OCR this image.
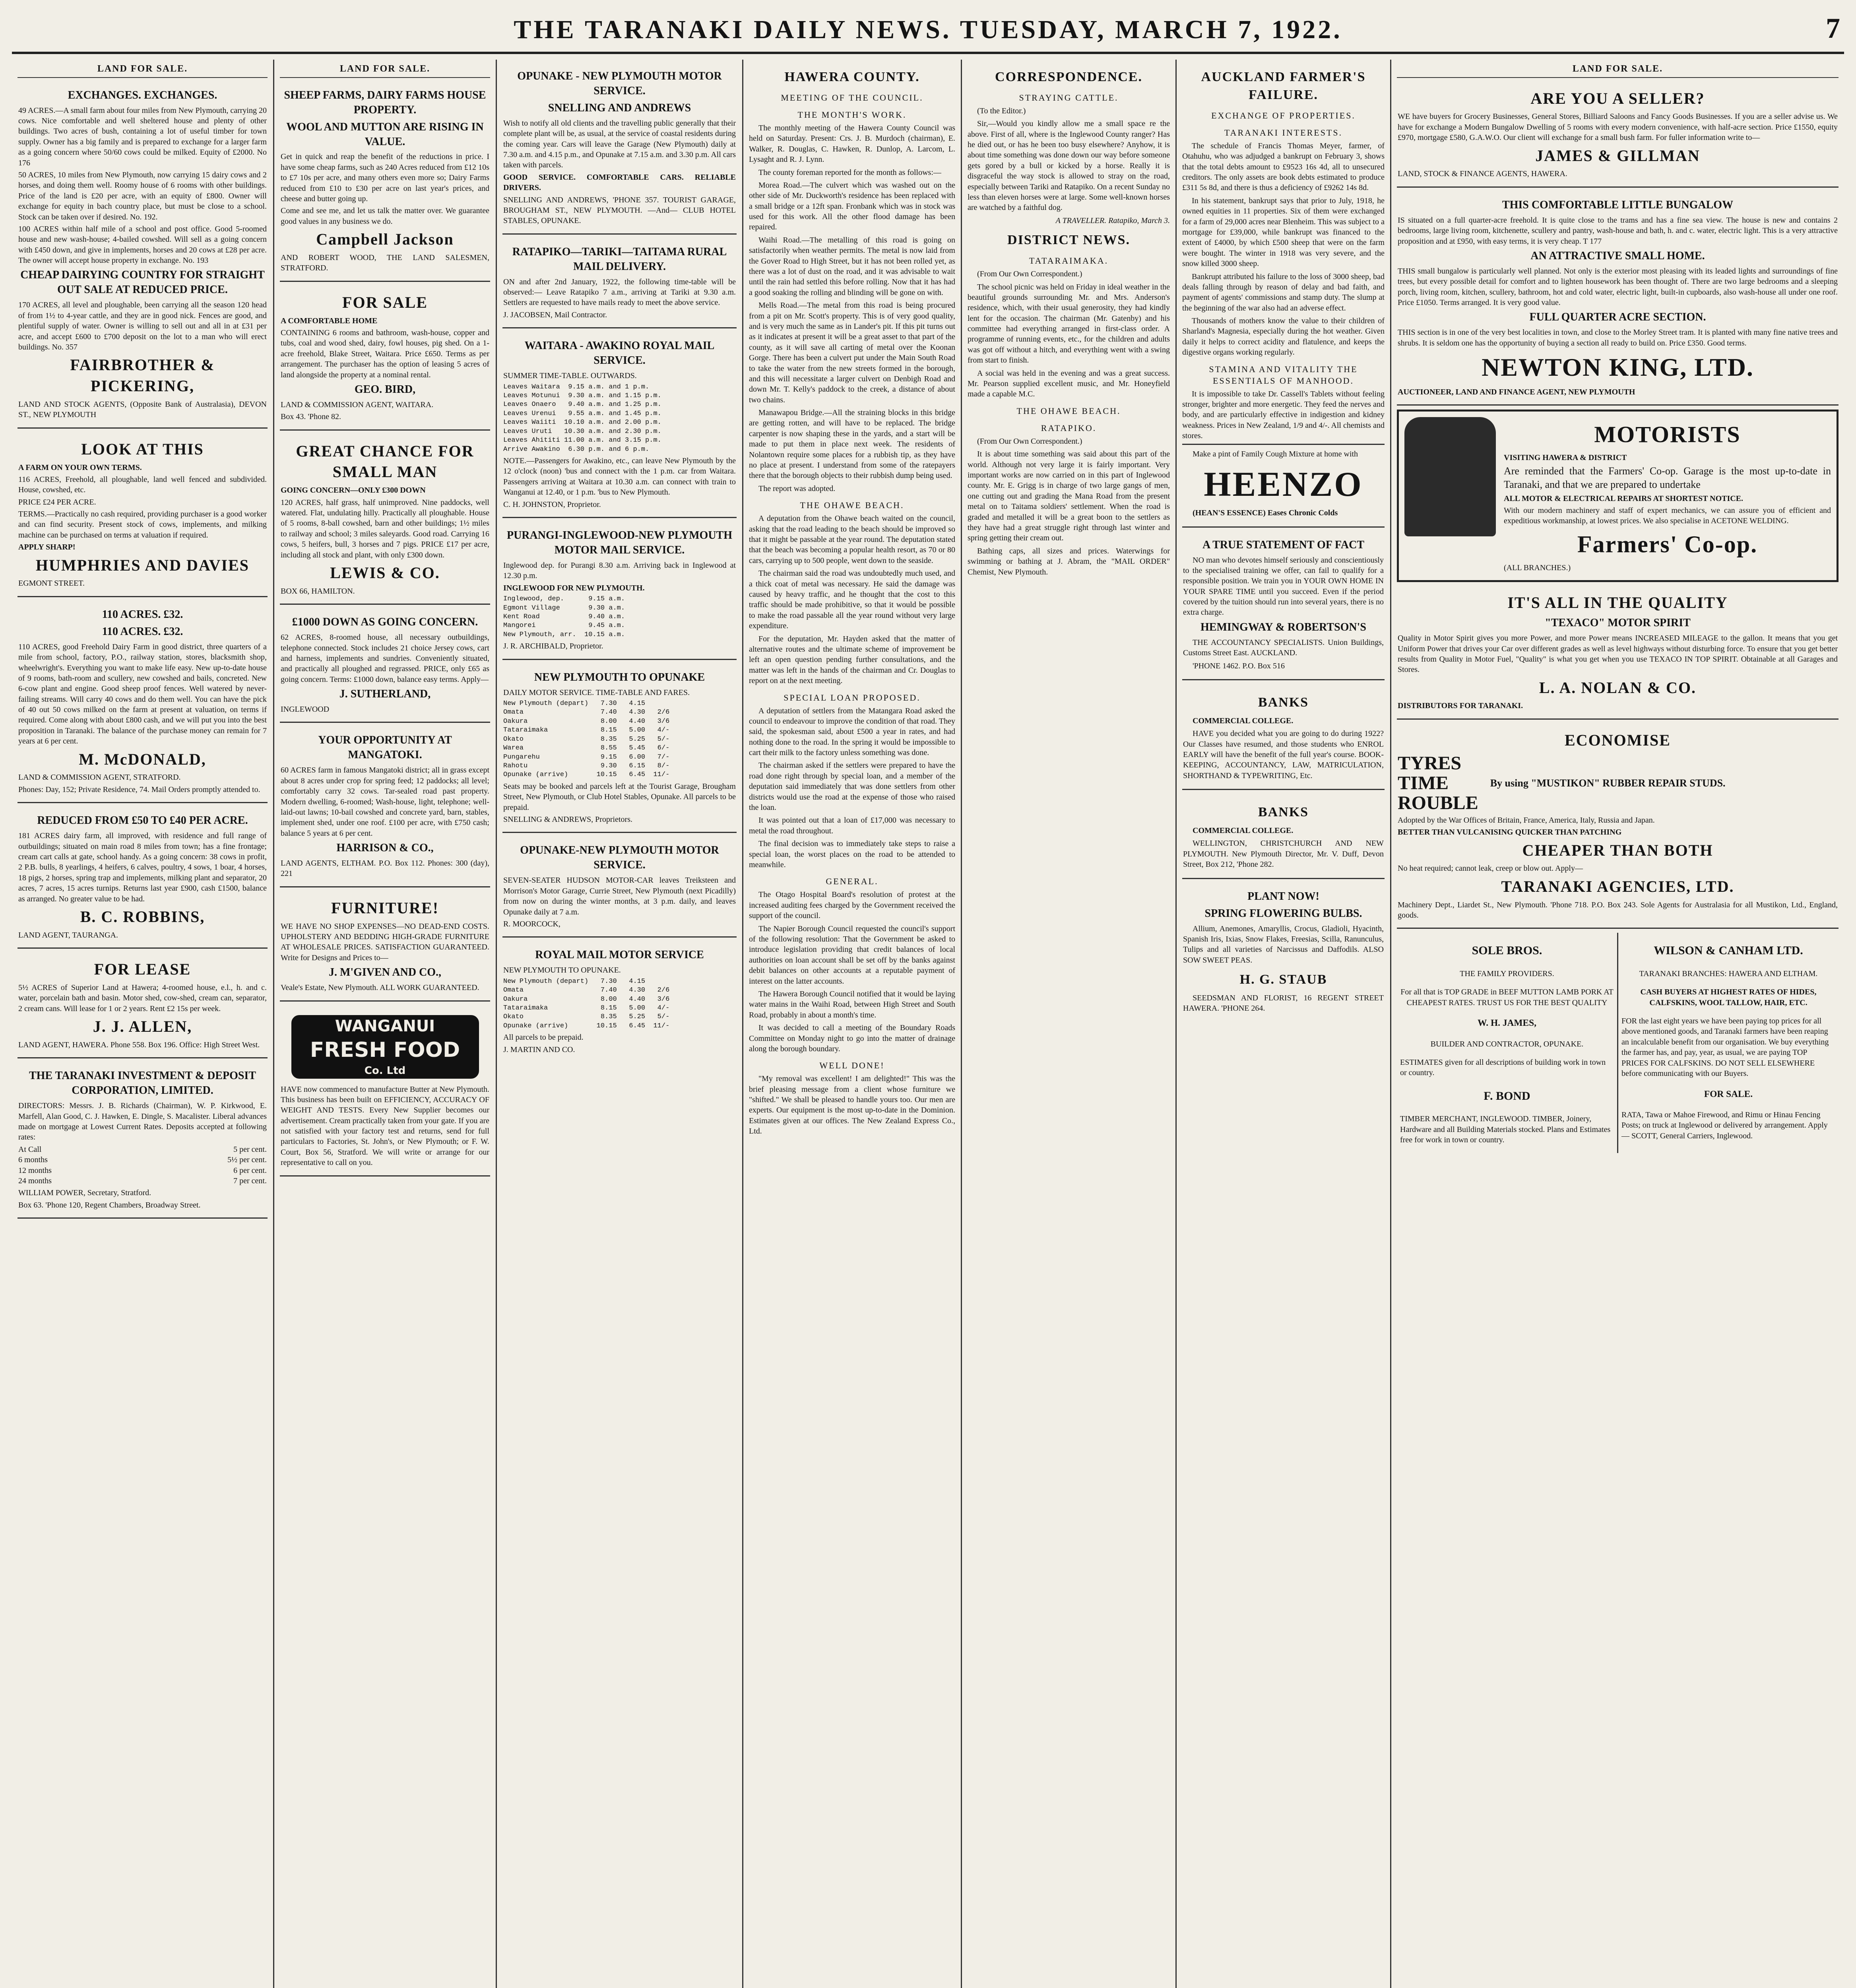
THE TARANAKI DAILY NEWS. TUESDAY, MARCH 7, 1922.	7
LAND FOR SALE.
EXCHANGES. EXCHANGES.

49 ACRES.—A small farm about four miles from New Plymouth, carrying 20 cows. Nice comfortable and well sheltered house and plenty of other buildings. Two acres of bush, containing a lot of useful timber for town supply. Owner has a big family and is prepared to exchange for a larger farm as a going concern where 50/60 cows could be milked. Equity of £2000. No 176

50 ACRES, 10 miles from New Plymouth, now carrying 15 dairy cows and 2 horses, and doing them well. Roomy house of 6 rooms with other buildings. Price of the land is £20 per acre, with an equity of £800. Owner will exchange for equity in bach country place, but must be close to a school. Stock can be taken over if desired. No. 192.

100 ACRES within half mile of a school and post office. Good 5-roomed house and new wash-house; 4-bailed cowshed. Will sell as a going concern with £450 down, and give in implements, horses and 20 cows at £28 per acre. The owner will accept house property in exchange. No. 193

CHEAP DAIRYING COUNTRY FOR STRAIGHT OUT SALE AT REDUCED PRICE.

170 ACRES, all level and ploughable, been carrying all the season 120 head of from 1½ to 4-year cattle, and they are in good nick. Fences are good, and plentiful supply of water. Owner is willing to sell out and all in at £31 per acre, and accept £600 to £700 deposit on the lot to a man who will erect buildings. No. 357

FAIRBROTHER & PICKERING,

LAND AND STOCK AGENTS, (Opposite Bank of Australasia), DEVON ST., NEW PLYMOUTH

LOOK AT THIS

A FARM ON YOUR OWN TERMS.

116 ACRES, Freehold, all ploughable, land well fenced and subdivided. House, cowshed, etc.

PRICE £24 PER ACRE.

TERMS.—Practically no cash required, providing purchaser is a good worker and can find security. Present stock of cows, implements, and milking machine can be purchased on terms at valuation if required.

APPLY SHARP!

HUMPHRIES AND DAVIES

EGMONT STREET.

110 ACRES. £32.
110 ACRES. £32.

110 ACRES, good Freehold Dairy Farm in good district, three quarters of a mile from school, factory, P.O., railway station, stores, blacksmith shop, wheelwright's. Everything you want to make life easy. New up-to-date house of 9 rooms, bath-room and scullery, new cowshed and bails, concreted. New 6-cow plant and engine. Good sheep proof fences. Well watered by never-failing streams. Will carry 40 cows and do them well. You can have the pick of 40 out 50 cows milked on the farm at present at valuation, on terms if required. Come along with about £800 cash, and we will put you into the best proposition in Taranaki. The balance of the purchase money can remain for 7 years at 6 per cent.

M. McDONALD,

LAND & COMMISSION AGENT, STRATFORD.

Phones: Day, 152; Private Residence, 74. Mail Orders promptly attended to.

REDUCED FROM £50 TO £40 PER ACRE.

181 ACRES dairy farm, all improved, with residence and full range of outbuildings; situated on main road 8 miles from town; has a fine frontage; cream cart calls at gate, school handy. As a going concern: 38 cows in profit, 2 P.B. bulls, 8 yearlings, 4 heifers, 6 calves, poultry, 4 sows, 1 boar, 4 horses, 18 pigs, 2 horses, spring trap and implements, milking plant and separator, 20 acres, 7 acres, 15 acres turnips. Returns last year £900, cash £1500, balance as arranged. No greater value to be had.

B. C. ROBBINS,

LAND AGENT, TAURANGA.

FOR LEASE

5½ ACRES of Superior Land at Hawera; 4-roomed house, e.l., h. and c. water, porcelain bath and basin. Motor shed, cow-shed, cream can, separator, 2 cream cans. Will lease for 1 or 2 years. Rent £2 15s per week.

J. J. ALLEN,

LAND AGENT, HAWERA. Phone 558. Box 196. Office: High Street West.

THE TARANAKI INVESTMENT & DEPOSIT CORPORATION, LIMITED.

DIRECTORS: Messrs. J. B. Richards (Chairman), W. P. Kirkwood, E. Marfell, Alan Good, C. J. Hawken, E. Dingle, S. Macalister. Liberal advances made on mortgage at Lowest Current Rates. Deposits accepted at following rates:

At Call	5 per cent.
6 months	5½ per cent.
12 months	6 per cent.
24 months	7 per cent.

WILLIAM POWER, Secretary, Stratford.

Box 63. 'Phone 120, Regent Chambers, Broadway Street.

LAND FOR SALE.
SHEEP FARMS, DAIRY FARMS HOUSE PROPERTY.
WOOL AND MUTTON ARE RISING IN VALUE.

Get in quick and reap the benefit of the reductions in price. I have some cheap farms, such as 240 Acres reduced from £12 10s to £7 10s per acre, and many others even more so; Dairy Farms reduced from £10 to £30 per acre on last year's prices, and cheese and butter going up.

Come and see me, and let us talk the matter over. We guarantee good values in any business we do.

Campbell Jackson

AND ROBERT WOOD, THE LAND SALESMEN, STRATFORD.

FOR SALE

A COMFORTABLE HOME

CONTAINING 6 rooms and bathroom, wash-house, copper and tubs, coal and wood shed, dairy, fowl houses, pig shed. On a 1-acre freehold, Blake Street, Waitara. Price £650. Terms as per arrangement. The purchaser has the option of leasing 5 acres of land alongside the property at a nominal rental.

GEO. BIRD,

LAND & COMMISSION AGENT, WAITARA.

Box 43. 'Phone 82.

GREAT CHANCE FOR SMALL MAN

GOING CONCERN—ONLY £300 DOWN

120 ACRES, half grass, half unimproved. Nine paddocks, well watered. Flat, undulating hilly. Practically all ploughable. House of 5 rooms, 8-ball cowshed, barn and other buildings; 1½ miles to railway and school; 3 miles saleyards. Good road. Carrying 16 cows, 5 heifers, bull, 3 horses and 7 pigs. PRICE £17 per acre, including all stock and plant, with only £300 down.

LEWIS & CO.

BOX 66, HAMILTON.

£1000 DOWN AS GOING CONCERN.

62 ACRES, 8-roomed house, all necessary outbuildings, telephone connected. Stock includes 21 choice Jersey cows, cart and harness, implements and sundries. Conveniently situated, and practically all ploughed and regrassed. PRICE, only £65 as going concern. Terms: £1000 down, balance easy terms. Apply—

J. SUTHERLAND,

INGLEWOOD

YOUR OPPORTUNITY AT MANGATOKI.

60 ACRES farm in famous Mangatoki district; all in grass except about 8 acres under crop for spring feed; 12 paddocks; all level; comfortably carry 32 cows. Tar-sealed road past property. Modern dwelling, 6-roomed; Wash-house, light, telephone; well-laid-out lawns; 10-bail cowshed and concrete yard, barn, stables, implement shed, under one roof. £100 per acre, with £750 cash; balance 5 years at 6 per cent.

HARRISON & CO.,

LAND AGENTS, ELTHAM. P.O. Box 112. Phones: 300 (day), 221

FURNITURE!

WE HAVE NO SHOP EXPENSES—NO DEAD-END COSTS. UPHOLSTERY AND BEDDING HIGH-GRADE FURNITURE AT WHOLESALE PRICES. SATISFACTION GUARANTEED. Write for Designs and Prices to—

J. M'GIVEN AND CO.,

Veale's Estate, New Plymouth. ALL WORK GUARANTEED.

WANGANUI
FRESH FOOD
Co. Ltd

HAVE now commenced to manufacture Butter at New Plymouth. This business has been built on EFFICIENCY, ACCURACY OF WEIGHT AND TESTS. Every New Supplier becomes our advertisement. Cream practically taken from your gate. If you are not satisfied with your factory test and returns, send for full particulars to Factories, St. John's, or New Plymouth; or F. W. Court, Box 56, Stratford. We will write or arrange for our representative to call on you.

OPUNAKE - NEW PLYMOUTH MOTOR SERVICE.
SNELLING AND ANDREWS

Wish to notify all old clients and the travelling public generally that their complete plant will be, as usual, at the service of coastal residents during the coming year. Cars will leave the Garage (New Plymouth) daily at 7.30 a.m. and 4.15 p.m., and Opunake at 7.15 a.m. and 3.30 p.m. All cars taken with parcels.

GOOD SERVICE. COMFORTABLE CARS. RELIABLE DRIVERS.

SNELLING AND ANDREWS, 'PHONE 357. TOURIST GARAGE, BROUGHAM ST., NEW PLYMOUTH. —And— CLUB HOTEL STABLES, OPUNAKE.

RATAPIKO—TARIKI—TAITAMA RURAL MAIL DELIVERY.

ON and after 2nd January, 1922, the following time-table will be observed:— Leave Ratapiko 7 a.m., arriving at Tariki at 9.30 a.m. Settlers are requested to have mails ready to meet the above service.

J. JACOBSEN, Mail Contractor.

WAITARA - AWAKINO ROYAL MAIL SERVICE.

SUMMER TIME-TABLE. OUTWARDS.

Leaves Waitara  9.15 a.m. and 1 p.m.
Leaves Motunui  9.30 a.m. and 1.15 p.m.
Leaves Onaero   9.40 a.m. and 1.25 p.m.
Leaves Urenui   9.55 a.m. and 1.45 p.m.
Leaves Waiiti  10.10 a.m. and 2.00 p.m.
Leaves Uruti   10.30 a.m. and 2.30 p.m.
Leaves Ahititi 11.00 a.m. and 3.15 p.m.
Arrive Awakino  6.30 p.m. and 6 p.m.

NOTE.—Passengers for Awakino, etc., can leave New Plymouth by the 12 o'clock (noon) 'bus and connect with the 1 p.m. car from Waitara. Passengers arriving at Waitara at 10.30 a.m. can connect with train to Wanganui at 12.40, or 1 p.m. 'bus to New Plymouth.

C. H. JOHNSTON, Proprietor.

PURANGI-INGLEWOOD-NEW PLYMOUTH MOTOR MAIL SERVICE.

Inglewood dep. for Purangi 8.30 a.m. Arriving back in Inglewood at 12.30 p.m.

INGLEWOOD FOR NEW PLYMOUTH.

Inglewood, dep.      9.15 a.m.
Egmont Village       9.30 a.m.
Kent Road            9.40 a.m.
Mangorei             9.45 a.m.
New Plymouth, arr.  10.15 a.m.

J. R. ARCHIBALD, Proprietor.

NEW PLYMOUTH TO OPUNAKE

DAILY MOTOR SERVICE. TIME-TABLE AND FARES.

New Plymouth (depart)   7.30   4.15
Omata                   7.40   4.30   2/6
Oakura                  8.00   4.40   3/6
Tataraimaka             8.15   5.00   4/-
Okato                   8.35   5.25   5/-
Warea                   8.55   5.45   6/-
Pungarehu               9.15   6.00   7/-
Rahotu                  9.30   6.15   8/-
Opunake (arrive)       10.15   6.45  11/-

Seats may be booked and parcels left at the Tourist Garage, Brougham Street, New Plymouth, or Club Hotel Stables, Opunake. All parcels to be prepaid.

SNELLING & ANDREWS, Proprietors.

OPUNAKE-NEW PLYMOUTH MOTOR SERVICE.

SEVEN-SEATER HUDSON MOTOR-CAR leaves Treiksteen and Morrison's Motor Garage, Currie Street, New Plymouth (next Picadilly) from now on during the winter months, at 3 p.m. daily, and leaves Opunake daily at 7 a.m.

R. MOORCOCK,

ROYAL MAIL MOTOR SERVICE

NEW PLYMOUTH TO OPUNAKE.

New Plymouth (depart)   7.30   4.15
Omata                   7.40   4.30   2/6
Oakura                  8.00   4.40   3/6
Tataraimaka             8.15   5.00   4/-
Okato                   8.35   5.25   5/-
Opunake (arrive)       10.15   6.45  11/-

All parcels to be prepaid.

J. MARTIN AND CO.

HAWERA COUNTY.
MEETING OF THE COUNCIL.
THE MONTH'S WORK.

The monthly meeting of the Hawera County Council was held on Saturday. Present: Crs. J. B. Murdoch (chairman), E. Walker, R. Douglas, C. Hawken, R. Dunlop, A. Larcom, L. Lysaght and R. J. Lynn.

The county foreman reported for the month as follows:—

Morea Road.—The culvert which was washed out on the other side of Mr. Duckworth's residence has been replaced with a small bridge or a 12ft span. Fronbank which was in stock was used for this work. All the other flood damage has been repaired.

Waihi Road.—The metalling of this road is going on satisfactorily when weather permits. The metal is now laid from the Gover Road to High Street, but it has not been rolled yet, as there was a lot of dust on the road, and it was advisable to wait until the rain had settled this before rolling. Now that it has had a good soaking the rolling and blinding will be gone on with.

Mells Road.—The metal from this road is being procured from a pit on Mr. Scott's property. This is of very good quality, and is very much the same as in Lander's pit. If this pit turns out as it indicates at present it will be a great asset to that part of the county, as it will save all carting of metal over the Koonan Gorge. There has been a culvert put under the Main South Road to take the water from the new streets formed in the borough, and this will necessitate a larger culvert on Denbigh Road and down Mr. T. Kelly's paddock to the creek, a distance of about two chains.

Manawapou Bridge.—All the straining blocks in this bridge are getting rotten, and will have to be replaced. The bridge carpenter is now shaping these in the yards, and a start will be made to put them in place next week. The residents of Nolantown require some places for a rubbish tip, as they have no place at present. I understand from some of the ratepayers there that the borough objects to their rubbish dump being used.

The report was adopted.

THE OHAWE BEACH.

A deputation from the Ohawe beach waited on the council, asking that the road leading to the beach should be improved so that it might be passable at the year round. The deputation stated that the beach was becoming a popular health resort, as 70 or 80 cars, carrying up to 500 people, went down to the seaside.

The chairman said the road was undoubtedly much used, and a thick coat of metal was necessary. He said the damage was caused by heavy traffic, and he thought that the cost to this traffic should be made prohibitive, so that it would be possible to make the road passable all the year round without very large expenditure.

For the deputation, Mr. Hayden asked that the matter of alternative routes and the ultimate scheme of improvement be left an open question pending further consultations, and the matter was left in the hands of the chairman and Cr. Douglas to report on at the next meeting.

SPECIAL LOAN PROPOSED.

A deputation of settlers from the Matangara Road asked the council to endeavour to improve the condition of that road. They said, the spokesman said, about £500 a year in rates, and had nothing done to the road. In the spring it would be impossible to cart their milk to the factory unless something was done.

The chairman asked if the settlers were prepared to have the road done right through by special loan, and a member of the deputation said immediately that was done settlers from other districts would use the road at the expense of those who raised the loan.

It was pointed out that a loan of £17,000 was necessary to metal the road throughout.

The final decision was to immediately take steps to raise a special loan, the worst places on the road to be attended to meanwhile.

GENERAL.

The Otago Hospital Board's resolution of protest at the increased auditing fees charged by the Government received the support of the council.

The Napier Borough Council requested the council's support of the following resolution: That the Government be asked to introduce legislation providing that credit balances of local authorities on loan account shall be set off by the banks against debit balances on other accounts at a reputable payment of interest on the latter accounts.

The Hawera Borough Council notified that it would be laying water mains in the Waihi Road, between High Street and South Road, probably in about a month's time.

It was decided to call a meeting of the Boundary Roads Committee on Monday night to go into the matter of drainage along the borough boundary.

WELL DONE!

"My removal was excellent! I am delighted!" This was the brief pleasing message from a client whose furniture we "shifted." We shall be pleased to handle yours too. Our men are experts. Our equipment is the most up-to-date in the Dominion. Estimates given at our offices. The New Zealand Express Co., Ltd.

CORRESPONDENCE.
STRAYING CATTLE.

(To the Editor.)

Sir,—Would you kindly allow me a small space re the above. First of all, where is the Inglewood County ranger? Has he died out, or has he been too busy elsewhere? Anyhow, it is about time something was done down our way before someone gets gored by a bull or kicked by a horse. Really it is disgraceful the way stock is allowed to stray on the road, especially between Tariki and Ratapiko. On a recent Sunday no less than eleven horses were at large. Some well-known horses are watched by a faithful dog.

A TRAVELLER. Ratapiko, March 3.

DISTRICT NEWS.
TATARAIMAKA.

(From Our Own Correspondent.)

The school picnic was held on Friday in ideal weather in the beautiful grounds surrounding Mr. and Mrs. Anderson's residence, which, with their usual generosity, they had kindly lent for the occasion. The chairman (Mr. Gatenby) and his committee had everything arranged in first-class order. A programme of running events, etc., for the children and adults was got off without a hitch, and everything went with a swing from start to finish.

A social was held in the evening and was a great success. Mr. Pearson supplied excellent music, and Mr. Honeyfield made a capable M.C.

THE OHAWE BEACH.
RATAPIKO.

(From Our Own Correspondent.)

It is about time something was said about this part of the world. Although not very large it is fairly important. Very important works are now carried on in this part of Inglewood county. Mr. E. Grigg is in charge of two large gangs of men, one cutting out and grading the Mana Road from the present metal on to Taitama soldiers' settlement. When the road is graded and metalled it will be a great boon to the settlers as they have had a great struggle right through last winter and spring getting their cream out.

Bathing caps, all sizes and prices. Waterwings for swimming or bathing at J. Abram, the "MAIL ORDER" Chemist, New Plymouth.

AUCKLAND FARMER'S FAILURE.
EXCHANGE OF PROPERTIES.
TARANAKI INTERESTS.

The schedule of Francis Thomas Meyer, farmer, of Otahuhu, who was adjudged a bankrupt on February 3, shows that the total debts amount to £9523 16s 4d, all to unsecured creditors. The only assets are book debts estimated to produce £311 5s 8d, and there is thus a deficiency of £9262 14s 8d.

In his statement, bankrupt says that prior to July, 1918, he owned equities in 11 properties. Six of them were exchanged for a farm of 29,000 acres near Blenheim. This was subject to a mortgage for £39,000, while bankrupt was financed to the extent of £4000, by which £500 sheep that were on the farm were bought. The winter in 1918 was very severe, and the snow killed 3000 sheep.

Bankrupt attributed his failure to the loss of 3000 sheep, bad deals falling through by reason of delay and bad faith, and payment of agents' commissions and stamp duty. The slump at the beginning of the war also had an adverse effect.

Thousands of mothers know the value to their children of Sharland's Magnesia, especially during the hot weather. Given daily it helps to correct acidity and flatulence, and keeps the digestive organs working regularly.

STAMINA AND VITALITY THE ESSENTIALS OF MANHOOD.

It is impossible to take Dr. Cassell's Tablets without feeling stronger, brighter and more energetic. They feed the nerves and body, and are particularly effective in indigestion and kidney weakness. Prices in New Zealand, 1/9 and 4/-. All chemists and stores.

Make a pint of Family Cough Mixture at home with

HEENZO

(HEAN'S ESSENCE) Eases Chronic Colds

A TRUE STATEMENT OF FACT

NO man who devotes himself seriously and conscientiously to the specialised training we offer, can fail to qualify for a responsible position. We train you in YOUR OWN HOME IN YOUR SPARE TIME until you succeed. Even if the period covered by the tuition should run into several years, there is no extra charge.

HEMINGWAY & ROBERTSON'S

THE ACCOUNTANCY SPECIALISTS. Union Buildings, Customs Street East. AUCKLAND.

'PHONE 1462. P.O. Box 516

BANKS

COMMERCIAL COLLEGE.

HAVE you decided what you are going to do during 1922? Our Classes have resumed, and those students who ENROL EARLY will have the benefit of the full year's course. BOOK-KEEPING, ACCOUNTANCY, LAW, MATRICULATION, SHORTHAND & TYPEWRITING, Etc.

BANKS

COMMERCIAL COLLEGE.

WELLINGTON, CHRISTCHURCH AND NEW PLYMOUTH. New Plymouth Director, Mr. V. Duff, Devon Street, Box 212, 'Phone 282.

PLANT NOW!
SPRING FLOWERING BULBS.

Allium, Anemones, Amaryllis, Crocus, Gladioli, Hyacinth, Spanish Iris, Ixias, Snow Flakes, Freesias, Scilla, Ranunculus, Tulips and all varieties of Narcissus and Daffodils. ALSO SOW SWEET PEAS.

H. G. STAUB

SEEDSMAN AND FLORIST, 16 REGENT STREET HAWERA. 'PHONE 264.

LAND FOR SALE.
ARE YOU A SELLER?

WE have buyers for Grocery Businesses, General Stores, Billiard Saloons and Fancy Goods Businesses. If you are a seller advise us. We have for exchange a Modern Bungalow Dwelling of 5 rooms with every modern convenience, with half-acre section. Price £1550, equity £970, mortgage £580, G.A.W.O. Our client will exchange for a small bush farm. For fuller information write to—

JAMES & GILLMAN

LAND, STOCK & FINANCE AGENTS, HAWERA.

THIS COMFORTABLE LITTLE BUNGALOW

IS situated on a full quarter-acre freehold. It is quite close to the trams and has a fine sea view. The house is new and contains 2 bedrooms, large living room, kitchenette, scullery and pantry, wash-house and bath, h. and c. water, electric light. This is a very attractive proposition and at £950, with easy terms, it is very cheap. T 177

AN ATTRACTIVE SMALL HOME.

THIS small bungalow is particularly well planned. Not only is the exterior most pleasing with its leaded lights and surroundings of fine trees, but every possible detail for comfort and to lighten housework has been thought of. There are two large bedrooms and a sleeping porch, living room, kitchen, scullery, bathroom, hot and cold water, electric light, built-in cupboards, also wash-house all under one roof. Price £1050. Terms arranged. It is very good value.

FULL QUARTER ACRE SECTION.

THIS section is in one of the very best localities in town, and close to the Morley Street tram. It is planted with many fine native trees and shrubs. It is seldom one has the opportunity of buying a section all ready to build on. Price £350. Good terms.

NEWTON KING, LTD.

AUCTIONEER, LAND AND FINANCE AGENT, NEW PLYMOUTH

MOTORISTS

VISITING HAWERA & DISTRICT

Are reminded that the Farmers' Co-op. Garage is the most up-to-date in Taranaki, and that we are prepared to undertake

ALL MOTOR & ELECTRICAL REPAIRS AT SHORTEST NOTICE.

With our modern machinery and staff of expert mechanics, we can assure you of efficient and expeditious workmanship, at lowest prices. We also specialise in ACETONE WELDING.

Farmers' Co-op.

(ALL BRANCHES.)

IT'S ALL IN THE QUALITY
"TEXACO" MOTOR SPIRIT

Quality in Motor Spirit gives you more Power, and more Power means INCREASED MILEAGE to the gallon. It means that you get Uniform Power that drives your Car over different grades as well as level highways without disturbing force. To ensure that you get better results from Quality in Motor Fuel, "Quality" is what you get when you use TEXACO IN TOP SPIRIT. Obtainable at all Garages and Stores.

L. A. NOLAN & CO.

DISTRIBUTORS FOR TARANAKI.

ECONOMISE
TYRES
TIME
ROUBLE

By using "MUSTIKON" RUBBER REPAIR STUDS.

Adopted by the War Offices of Britain, France, America, Italy, Russia and Japan.

BETTER THAN VULCANISING QUICKER THAN PATCHING

CHEAPER THAN BOTH

No heat required; cannot leak, creep or blow out. Apply—

TARANAKI AGENCIES, LTD.

Machinery Dept., Liardet St., New Plymouth. 'Phone 718. P.O. Box 243. Sole Agents for Australasia for all Mustikon, Ltd., England, goods.

SOLE BROS.

THE FAMILY PROVIDERS.

For all that is TOP GRADE in BEEF MUTTON LAMB PORK AT CHEAPEST RATES. TRUST US FOR THE BEST QUALITY

W. H. JAMES,

BUILDER AND CONTRACTOR, OPUNAKE.

ESTIMATES given for all descriptions of building work in town or country.

F. BOND

TIMBER MERCHANT, INGLEWOOD. TIMBER, Joinery, Hardware and all Building Materials stocked. Plans and Estimates free for work in town or country.

WILSON & CANHAM LTD.

TARANAKI BRANCHES: HAWERA AND ELTHAM.

CASH BUYERS AT HIGHEST RATES OF HIDES, CALFSKINS, WOOL TALLOW, HAIR, ETC.

FOR the last eight years we have been paying top prices for all above mentioned goods, and Taranaki farmers have been reaping an incalculable benefit from our organisation. We buy everything the farmer has, and pay, year, as usual, we are paying TOP PRICES FOR CALFSKINS. DO NOT SELL ELSEWHERE before communicating with our Buyers.

FOR SALE.

RATA, Tawa or Mahoe Firewood, and Rimu or Hinau Fencing Posts; on truck at Inglewood or delivered by arrangement. Apply— SCOTT, General Carriers, Inglewood.
